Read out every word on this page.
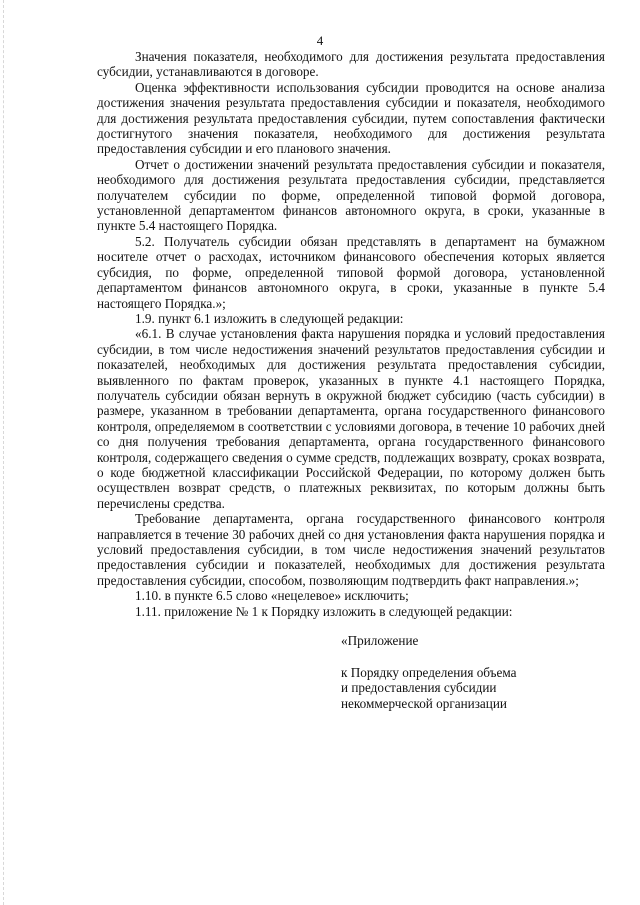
4

Значения показателя, необходимого для достижения результата предоставления субсидии, устанавливаются в договоре.

Оценка эффективности использования субсидии проводится на основе анализа достижения значения результата предоставления субсидии и показателя, необходимого для достижения результата предоставления субсидии, путем сопоставления фактически достигнутого значения показателя, необходимого для достижения результата предоставления субсидии и его планового значения.

Отчет о достижении значений результата предоставления субсидии и показателя, необходимого для достижения результата предоставления субсидии, представляется получателем субсидии по форме, определенной типовой формой договора, установленной департаментом финансов автономного округа, в сроки, указанные в пункте 5.4 настоящего Порядка.

5.2. Получатель субсидии обязан представлять в департамент на бумажном носителе отчет о расходах, источником финансового обеспечения которых является субсидия, по форме, определенной типовой формой договора, установленной департаментом финансов автономного округа, в сроки, указанные в пункте 5.4 настоящего Порядка.»;

1.9. пункт 6.1 изложить в следующей редакции:

«6.1. В случае установления факта нарушения порядка и условий предоставления субсидии, в том числе недостижения значений результатов предоставления субсидии и показателей, необходимых для достижения результата предоставления субсидии, выявленного по фактам проверок, указанных в пункте 4.1 настоящего Порядка, получатель субсидии обязан вернуть в окружной бюджет субсидию (часть субсидии) в размере, указанном в требовании департамента, органа государственного финансового контроля, определяемом в соответствии с условиями договора, в течение 10 рабочих дней со дня получения требования департамента, органа государственного финансового контроля, содержащего сведения о сумме средств, подлежащих возврату, сроках возврата, о коде бюджетной классификации Российской Федерации, по которому должен быть осуществлен возврат средств, о платежных реквизитах, по которым должны быть перечислены средства.

Требование департамента, органа государственного финансового контроля направляется в течение 30 рабочих дней со дня установления факта нарушения порядка и условий предоставления субсидии, в том числе недостижения значений результатов предоставления субсидии и показателей, необходимых для достижения результата предоставления субсидии, способом, позволяющим подтвердить факт направления.»;

1.10. в пункте 6.5 слово «нецелевое» исключить;

1.11. приложение № 1 к Порядку изложить в следующей редакции:

«Приложение
к Порядку определения объема
и предоставления субсидии
некоммерческой организации
